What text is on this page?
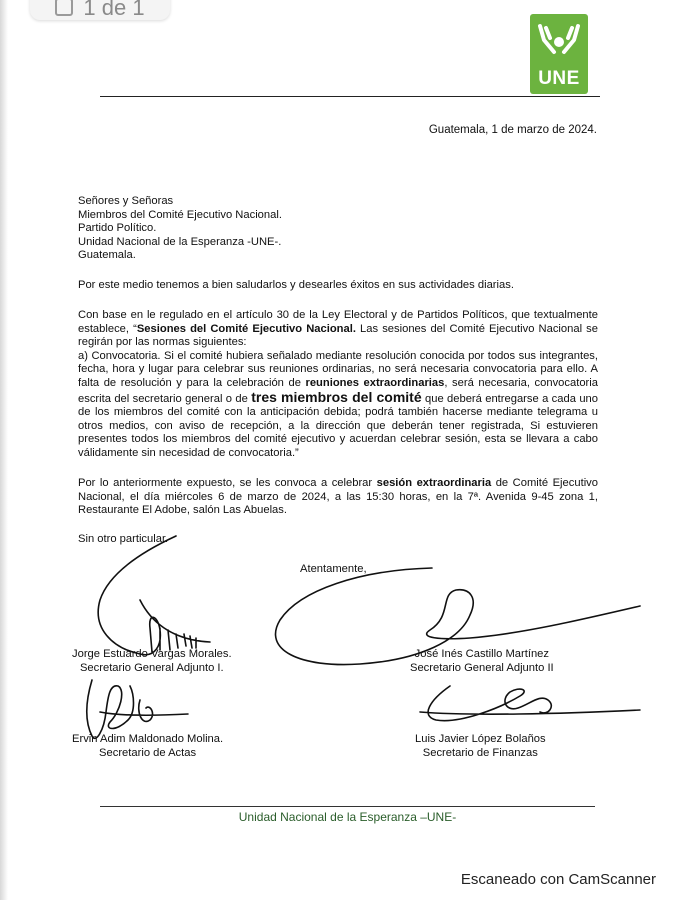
UNE
Guatemala, 1 de marzo de 2024.
Señores y Señoras
Miembros del Comité Ejecutivo Nacional.
Partido Político.
Unidad Nacional de la Esperanza -UNE-.
Guatemala.
Por este medio tenemos a bien saludarlos y desearles éxitos en sus actividades diarias.
Con base en le regulado en el artículo 30 de la Ley Electoral y de Partidos Políticos, que textualmente establece, “Sesiones del Comité Ejecutivo Nacional. Las sesiones del Comité Ejecutivo Nacional se regirán por las normas siguientes:
a) Convocatoria. Si el comité hubiera señalado mediante resolución conocida por todos sus integrantes, fecha, hora y lugar para celebrar sus reuniones ordinarias, no será necesaria convocatoria para ello. A falta de resolución y para la celebración de reuniones extraordinarias, será necesaria, convocatoria escrita del secretario general o de tres miembros del comité que deberá entregarse a cada uno de los miembros del comité con la anticipación debida; podrá también hacerse mediante telegrama u otros medios, con aviso de recepción, a la dirección que deberán tener registrada, Si estuvieren presentes todos los miembros del comité ejecutivo y acuerdan celebrar sesión, esta se llevara a cabo válidamente sin necesidad de convocatoria.”
Por lo anteriormente expuesto, se les convoca a celebrar sesión extraordinaria de Comité Ejecutivo Nacional, el día miércoles 6 de marzo de 2024, a las 15:30 horas, en la 7ª. Avenida 9-45 zona 1, Restaurante El Adobe, salón Las Abuelas.
Sin otro particular.
Atentamente,
Jorge Estuardo Vargas Morales.
Secretario General Adjunto I.
José Inés Castillo Martínez
Secretario General Adjunto II
Ervin Adim Maldonado Molina.
Secretario de Actas
Luis Javier López Bolaños
Secretario de Finanzas
Unidad Nacional de la Esperanza –UNE-
Escaneado con CamScanner
1 de 1
